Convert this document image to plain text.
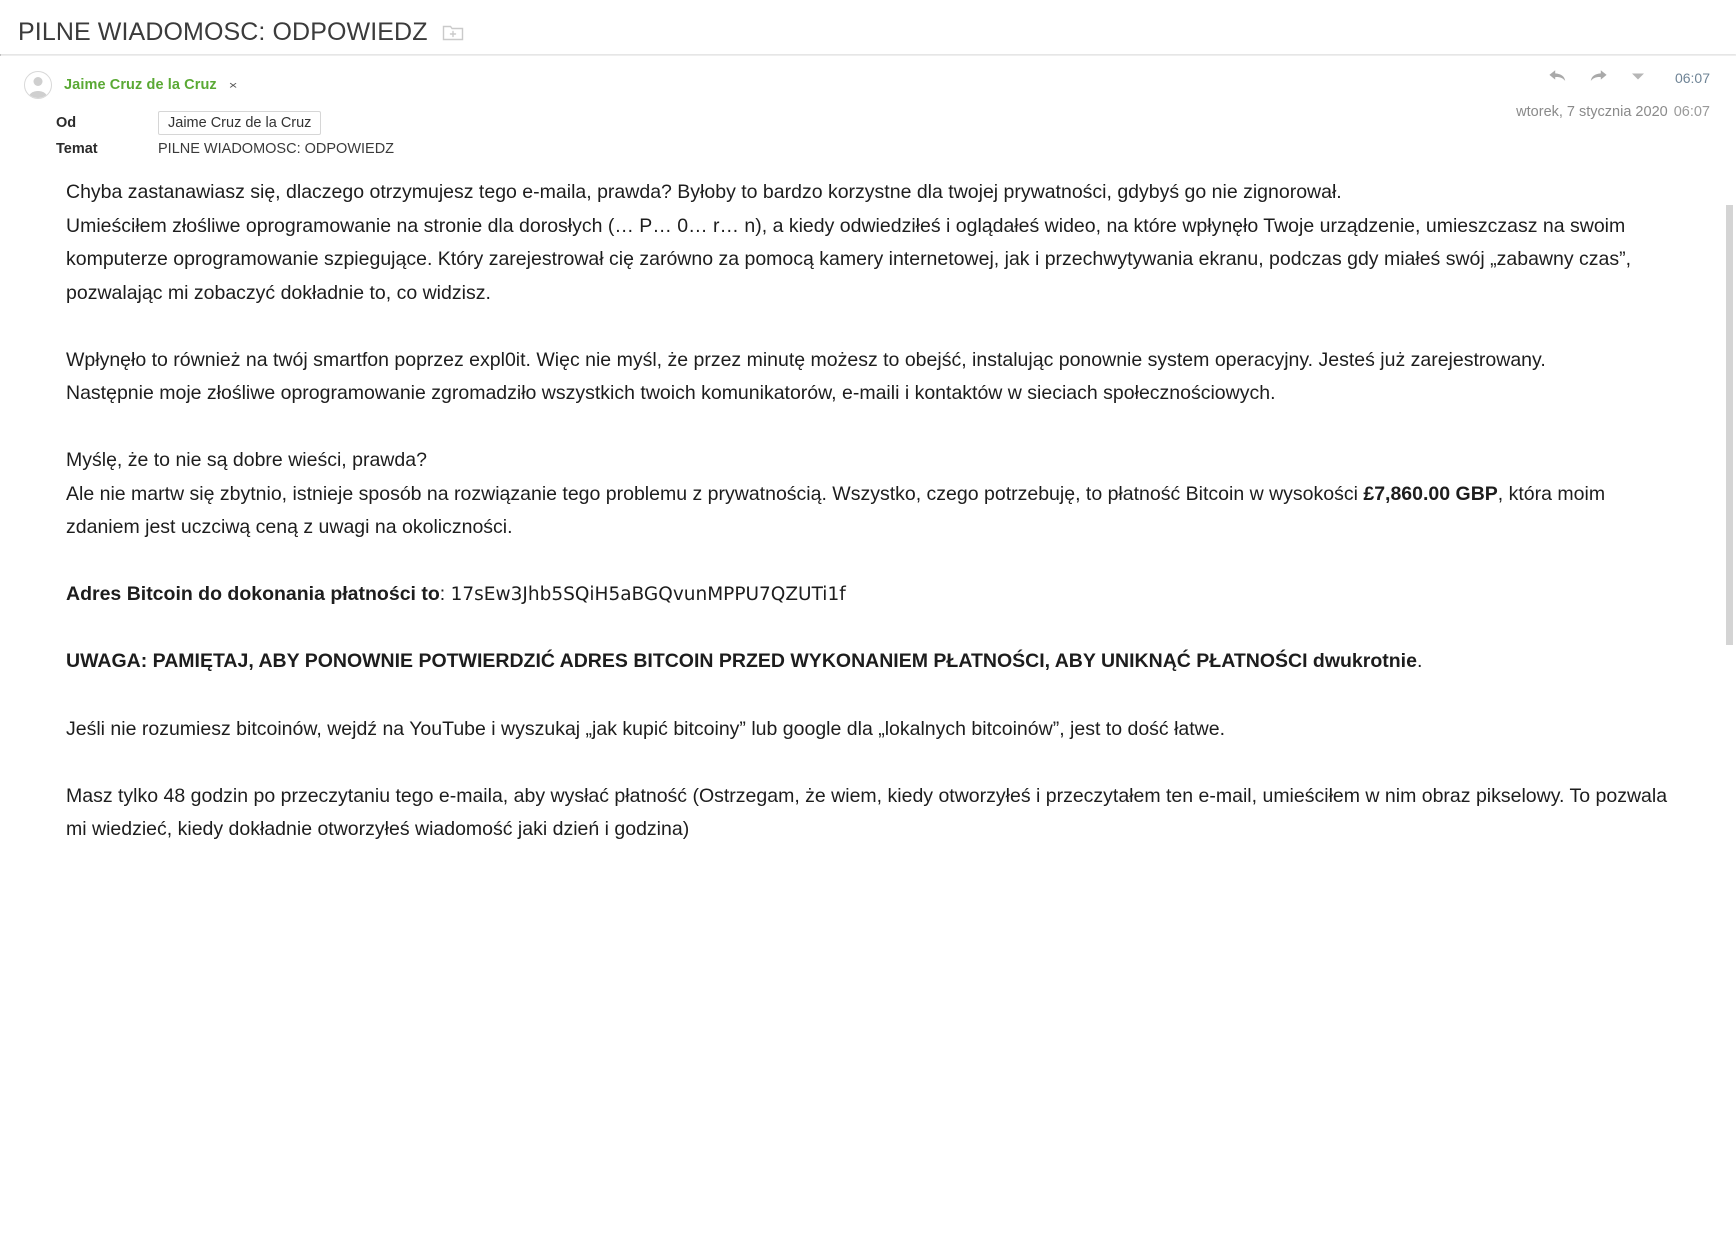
PILNE WIADOMOSC: ODPOWIEDZ
Jaime Cruz de la Cruz ×	06:07
wtorek, 7 stycznia 2020 06:07
Od	Jaime Cruz de la Cruz
Temat	PILNE WIADOMOSC: ODPOWIEDZ

Chyba zastanawiasz się, dlaczego otrzymujesz tego e-maila, prawda? Byłoby to bardzo korzystne dla twojej prywatności, gdybyś go nie zignorował.

Umieściłem złośliwe oprogramowanie na stronie dla dorosłych (… P… 0… r… n), a kiedy odwiedziłeś i oglądałeś wideo, na które wpłynęło Twoje urządzenie, umieszczasz na swoim komputerze oprogramowanie szpiegujące. Który zarejestrował cię zarówno za pomocą kamery internetowej, jak i przechwytywania ekranu, podczas gdy miałeś swój „zabawny czas”, pozwalając mi zobaczyć dokładnie to, co widzisz.

Wpłynęło to również na twój smartfon poprzez expl0it. Więc nie myśl, że przez minutę możesz to obejść, instalując ponownie system operacyjny. Jesteś już zarejestrowany.

Następnie moje złośliwe oprogramowanie zgromadziło wszystkich twoich komunikatorów, e-maili i kontaktów w sieciach społecznościowych.

Myślę, że to nie są dobre wieści, prawda?

Ale nie martw się zbytnio, istnieje sposób na rozwiązanie tego problemu z prywatnością. Wszystko, czego potrzebuję, to płatność Bitcoin w wysokości £7,860.00 GBP, która moim zdaniem jest uczciwą ceną z uwagi na okoliczności.

Adres Bitcoin do dokonania płatności to: 17sEw3Jhb5SQiH5aBGQvunMPPU7QZUTi1f

UWAGA: PAMIĘTAJ, ABY PONOWNIE POTWIERDZIĆ ADRES BITCOIN PRZED WYKONANIEM PŁATNOŚCI, ABY UNIKNĄĆ PŁATNOŚCI dwukrotnie.

Jeśli nie rozumiesz bitcoinów, wejdź na YouTube i wyszukaj „jak kupić bitcoiny” lub google dla „lokalnych bitcoinów”, jest to dość łatwe.

Masz tylko 48 godzin po przeczytaniu tego e-maila, aby wysłać płatność (Ostrzegam, że wiem, kiedy otworzyłeś i przeczytałem ten e-mail, umieściłem w nim obraz pikselowy. To pozwala mi wiedzieć, kiedy dokładnie otworzyłeś wiadomość jaki dzień i godzina)
